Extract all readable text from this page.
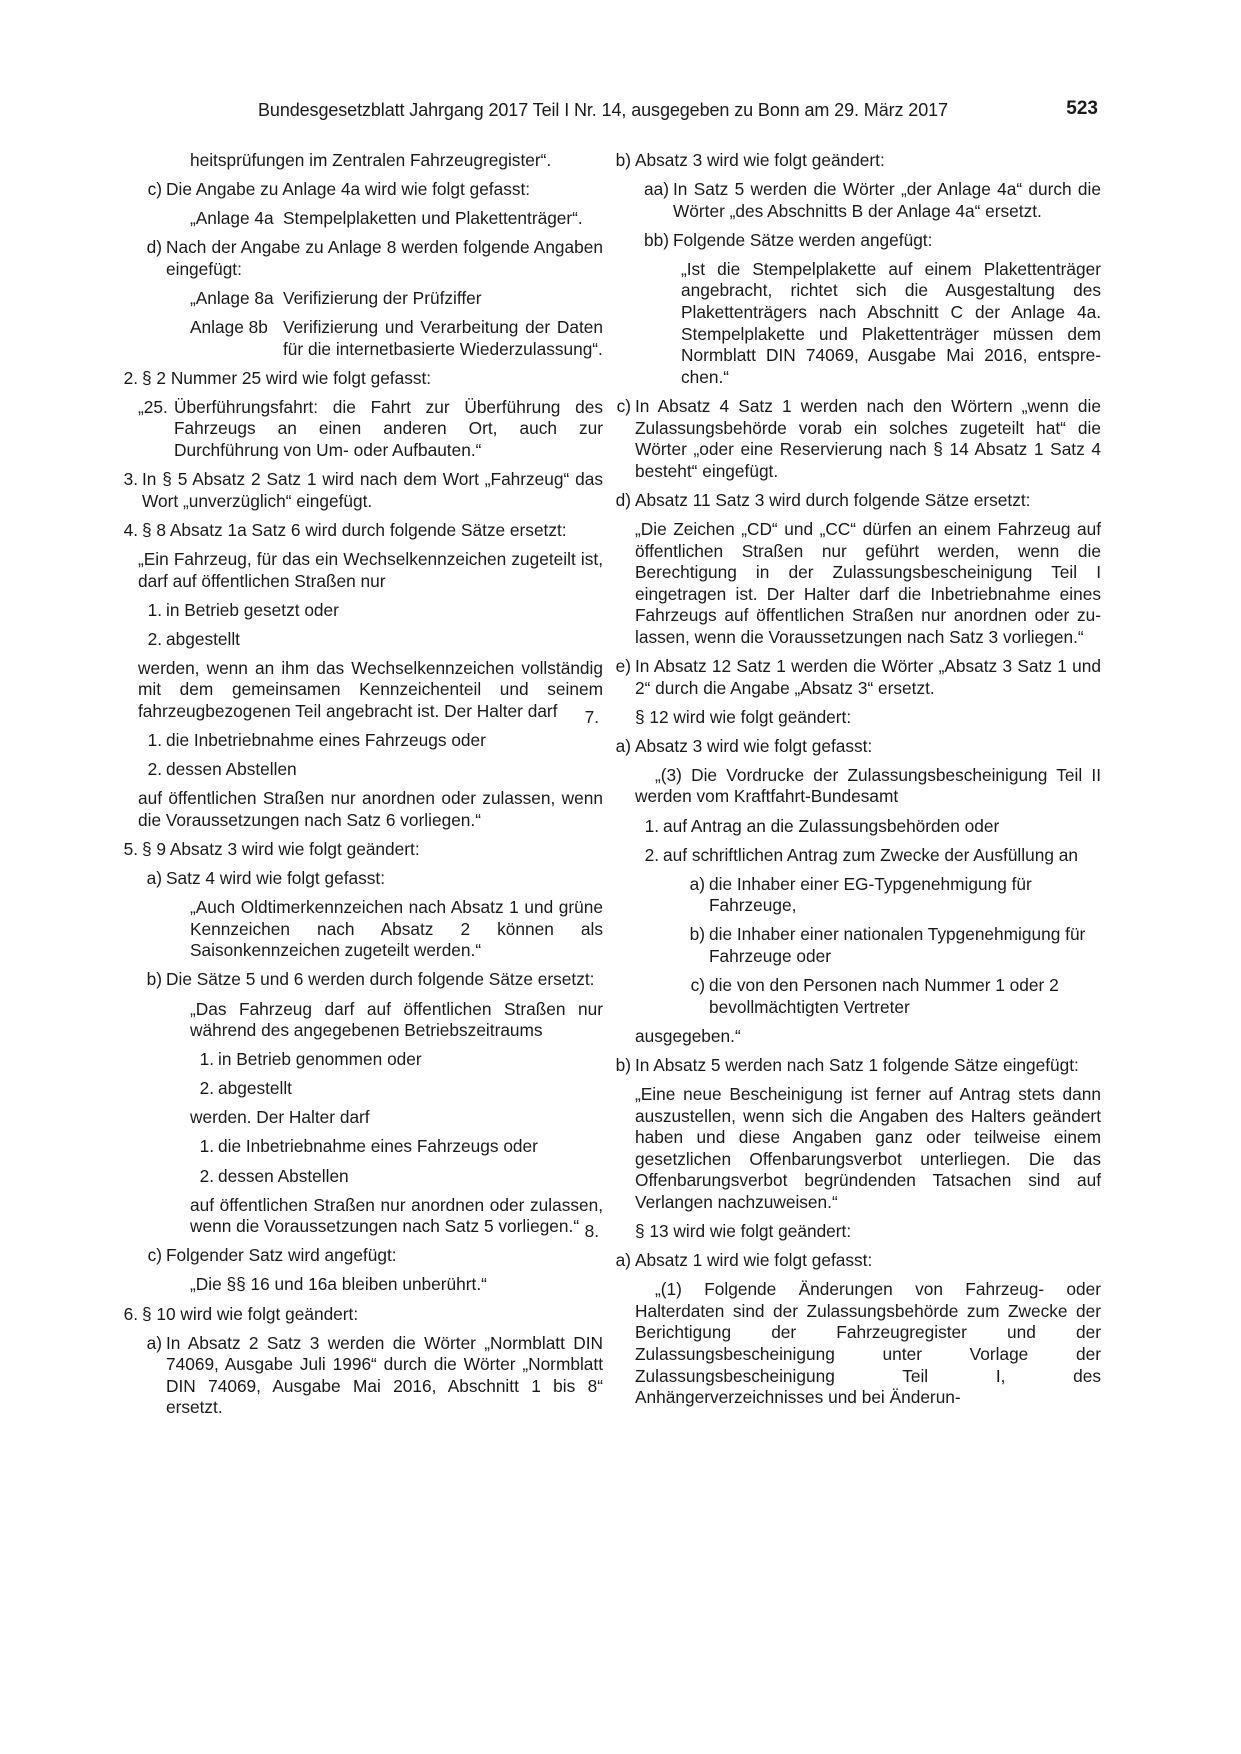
Bundesgesetzblatt Jahrgang 2017 Teil I Nr. 14, ausgegeben zu Bonn am 29. März 2017	523
heitsprüfungen im Zentralen Fahrzeugregister“.
c) Die Angabe zu Anlage 4a wird wie folgt gefasst:
„Anlage 4a Stempelplaketten und Plakettenträger“.
d) Nach der Angabe zu Anlage 8 werden folgende Angaben eingefügt:
„Anlage 8a Verifizierung der Prüfziffer
Anlage 8b Verifizierung und Verarbeitung der Daten für die internetbasierte Wiederzulassung“.
2. § 2 Nummer 25 wird wie folgt gefasst:
„25. Überführungsfahrt: die Fahrt zur Überführung des Fahrzeugs an einen anderen Ort, auch zur Durchführung von Um- oder Aufbauten.“
3. In § 5 Absatz 2 Satz 1 wird nach dem Wort „Fahrzeug“ das Wort „unverzüglich“ eingefügt.
4. § 8 Absatz 1a Satz 6 wird durch folgende Sätze ersetzt:
„Ein Fahrzeug, für das ein Wechselkennzeichen zugeteilt ist, darf auf öffentlichen Straßen nur
1. in Betrieb gesetzt oder
2. abgestellt
werden, wenn an ihm das Wechselkennzeichen vollständig mit dem gemeinsamen Kennzeichenteil und seinem fahrzeugbezogenen Teil angebracht ist. Der Halter darf
1. die Inbetriebnahme eines Fahrzeugs oder
2. dessen Abstellen
auf öffentlichen Straßen nur anordnen oder zulassen, wenn die Voraussetzungen nach Satz 6 vorliegen.“
5. § 9 Absatz 3 wird wie folgt geändert:
a) Satz 4 wird wie folgt gefasst:
„Auch Oldtimerkennzeichen nach Absatz 1 und grüne Kennzeichen nach Absatz 2 können als Saisonkennzeichen zugeteilt werden.“
b) Die Sätze 5 und 6 werden durch folgende Sätze ersetzt:
„Das Fahrzeug darf auf öffentlichen Straßen nur während des angegebenen Betriebszeitraums
1. in Betrieb genommen oder
2. abgestellt
werden. Der Halter darf
1. die Inbetriebnahme eines Fahrzeugs oder
2. dessen Abstellen
auf öffentlichen Straßen nur anordnen oder zulassen, wenn die Voraussetzungen nach Satz 5 vorliegen.“
c) Folgender Satz wird angefügt:
„Die §§ 16 und 16a bleiben unberührt.“
6. § 10 wird wie folgt geändert:
a) In Absatz 2 Satz 3 werden die Wörter „Normblatt DIN 74069, Ausgabe Juli 1996“ durch die Wörter „Normblatt DIN 74069, Ausgabe Mai 2016, Abschnitt 1 bis 8“ ersetzt.
b) Absatz 3 wird wie folgt geändert:
aa) In Satz 5 werden die Wörter „der Anlage 4a“ durch die Wörter „des Abschnitts B der Anlage 4a“ ersetzt.
bb) Folgende Sätze werden angefügt:
„Ist die Stempelplakette auf einem Plakettenträger angebracht, richtet sich die Ausgestaltung des Plakettenträgers nach Abschnitt C der Anlage 4a. Stempelplakette und Plakettenträger müssen dem Normblatt DIN 74069, Ausgabe Mai 2016, entsprechen.“
c) In Absatz 4 Satz 1 werden nach den Wörtern „wenn die Zulassungsbehörde vorab ein solches zugeteilt hat“ die Wörter „oder eine Reservierung nach § 14 Absatz 1 Satz 4 besteht“ eingefügt.
d) Absatz 11 Satz 3 wird durch folgende Sätze ersetzt:
„Die Zeichen „CD“ und „CC“ dürfen an einem Fahrzeug auf öffentlichen Straßen nur geführt werden, wenn die Berechtigung in der Zulassungsbescheinigung Teil I eingetragen ist. Der Halter darf die Inbetriebnahme eines Fahrzeugs auf öffentlichen Straßen nur anordnen oder zulassen, wenn die Voraussetzungen nach Satz 3 vorliegen.“
e) In Absatz 12 Satz 1 werden die Wörter „Absatz 3 Satz 1 und 2“ durch die Angabe „Absatz 3“ ersetzt.
7. § 12 wird wie folgt geändert:
a) Absatz 3 wird wie folgt gefasst:
„(3) Die Vordrucke der Zulassungsbescheinigung Teil II werden vom Kraftfahrt-Bundesamt
1. auf Antrag an die Zulassungsbehörden oder
2. auf schriftlichen Antrag zum Zwecke der Ausfüllung an
a) die Inhaber einer EG-Typgenehmigung für Fahrzeuge,
b) die Inhaber einer nationalen Typgenehmigung für Fahrzeuge oder
c) die von den Personen nach Nummer 1 oder 2 bevollmächtigten Vertreter
ausgegeben.“
b) In Absatz 5 werden nach Satz 1 folgende Sätze eingefügt:
„Eine neue Bescheinigung ist ferner auf Antrag stets dann auszustellen, wenn sich die Angaben des Halters geändert haben und diese Angaben ganz oder teilweise einem gesetzlichen Offenbarungsverbot unterliegen. Die das Offenbarungsverbot begründenden Tatsachen sind auf Verlangen nachzuweisen.“
8. § 13 wird wie folgt geändert:
a) Absatz 1 wird wie folgt gefasst:
„(1) Folgende Änderungen von Fahrzeug- oder Halterdaten sind der Zulassungsbehörde zum Zwecke der Berichtigung der Fahrzeugregister und der Zulassungsbescheinigung unter Vorlage der Zulassungsbescheinigung Teil I, des Anhängerverzeichnisses und bei Änderun-
